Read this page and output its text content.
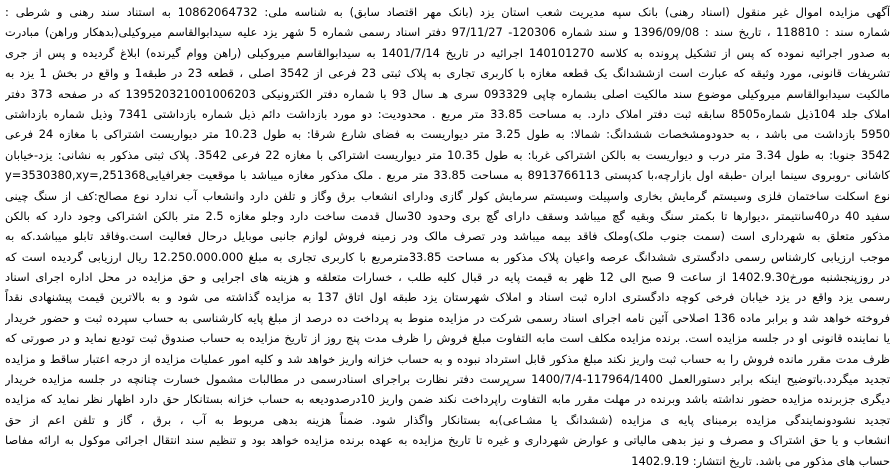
آگهی مزایده اموال غیر منقول (اسناد رهنی) بانک سپه مدیریت شعب استان یزد (بانک مهر اقتصاد سابق) به شناسه ملی: 10862064732 به استناد سند رهنی و شرطی :
شماره سند : 118810 ، تاریخ سند : 1396/09/08 و سند شماره 120306- 97/11/27 دفتر اسناد رسمی شماره 5 شهر یزد علیه سیدابوالقاسم میروکیلی(بدهکار وراهن) مبادرت
به صدور اجرائیه نموده که پس از تشکیل پرونده به کلاسه 140101270 اجرائیه در تاریخ 1401/7/14 به سیدابوالقاسم میروکیلی (راهن ووام گیرنده) ابلاغ گردیده و پس از جری
تشریفات قانونی، مورد وثیقه که عبارت است ازششدانگ یک قطعه مغازه با کاربری تجاری به پلاک ثبتی 23 فرعی از 3542 اصلی ، قطعه 23 در طبقه1 و واقع در بخش 1 یزد به
مالکیت سیدابوالقاسم میروکیلی موضوع سند مالکیت اصلی بشماره چاپی 093329 سری هـ سال 93 با شماره دفتر الکترونیکی 139520321001006203 که در صفحه 373 دفتر
املاک جلد 104ذیل شماره8505 سابقه ثبت دفتر املاک دارد. به مساحت 33.85 متر مربع . محدودیت: دو مورد بازداشت دائم ذیل شماره بازداشتی 7341 وذیل شماره بازداشتی
5950 بازداشت می باشد ، به حدودومشخصات ششدانگ: شمالا: به طول 3.25 متر دیواریست به فضای شارع شرقا: به طول 10.23 متر دیواریست اشتراکی با مغازه 24 فرعی
3542 جنوبا: به طول 3.34 متر درب و دیواریست به بالکن اشتراکی غربا: به طول 10.35 متر دیواریست اشتراکی با مغازه 22 فرعی 3542. پلاک ثبتی مذکور به نشانی: یزد-خیابان
کاشانی -روبروی سینما ایران -طبقه اول بازارچه،با کدپستی 8913766113 به مساحت 33.85 متر مربع . ملک مذکور مغازه میباشد با موقعیت جغرافیایی251368,=y=3530380,xy
نوع اسکلت ساختمان فلزی وسیستم گرمایش بخاری واسپیلت وسیستم سرمایش کولر گازی ودارای انشعاب برق وگاز و تلفن دارد وانشعاب آب ندارد نوع مصالح:کف از سنگ چینی
سفید 40 در40سانتیمتر ،دیوارها تا بکمتر سنگ وبقیه گچ میباشد وسقف دارای گچ بری وحدود 30سال قدمت ساخت دارد وجلو مغازه 2.5 متر بالکن اشتراکی وجود دارد که بالکن
مذکور متعلق به شهرداری است (سمت جنوب ملک)وملک فاقد بیمه میباشد ودر تصرف مالک ودر زمینه فروش لوازم جانبی موبایل درحال فعالیت است.وفاقد تابلو میباشد.که به
موجب ارزیابی کارشناس رسمی دادگستری ششدانگ عرصه واعیان پلاک مذکور به مساحت 33.85مترمربع با کاربری تجاری به مبلغ 12.250.000.000 ریال ارزیابی گردیده است که
در روزپنجشنبه مورخ1402.9.30 از ساعت 9 صبح الی 12 ظهر به قیمت پایه در قبال کلیه طلب ، خسارات متعلقه و هزینه های اجرایی و حق مزایده در محل اداره اجرای اسناد
رسمی یزد واقع در یزد خیابان فرخی کوچه دادگستری اداره ثبت اسناد و املاک شهرستان یزد طبقه اول اتاق 137 به مزایده گذاشته می شود و به بالاترین قیمت پیشنهادی نقداً
فروخته خواهد شد و برابر ماده 136 اصلاحی آئین نامه اجرای اسناد رسمی شرکت در مزایده منوط به پرداخت ده درصد از مبلغ پایه کارشناسی به حساب سپرده ثبت و حضور خریدار
یا نماینده قانونی او در جلسه مزایده است. برنده مزایده مکلف است مابه التفاوت مبلغ فروش را ظرف مدت پنج روز از تاریخ مزایده به حساب صندوق ثبت تودیع نماید و در صورتی که
ظرف مدت مقرر مانده فروش را به حساب ثبت واریز نکند مبلغ مذکور قابل استرداد نبوده و به حساب خزانه واریز خواهد شد و کلیه امور عملیات مزایده از درجه اعتبار ساقط و مزایده
تجدید میگردد.باتوضیح اینکه برابر دستورالعمل 117964/1400-1400/7/4 سرپرست دفتر نظارت براجرای اسنادرسمی در مطالبات مشمول خسارت چنانچه در جلسه مزایده خریدار
دیگری جزبرنده مزایده حضور نداشته باشد وبرنده در مهلت مقرر مابه التفاوت راپرداخت نکند ضمن واریز 10درصدودیعه به حساب خزانه بستانکار حق دارد اظهار نظر نماید که مزایده
تجدید نشودونمایندگی مزایده برمبنای پایه ی مزایده (ششدانگ یا مشـاعی)به بستانکار واگذار شود. ضمناً هزینه بدهی مربوط به آب ، برق ، گاز و تلفن اعم از حق
انشعاب و یا حق اشتراک و مصرف و نیز بدهی مالیاتی و عوارض شهرداری و غیره تا تاریخ مزایده به عهده برنده مزایده خواهد بود و تنظیم سند انتقال اجرائی موکول به ارائه مفاصا
حساب های مذکور می باشد. تاریخ انتشار: 1402.9.19
